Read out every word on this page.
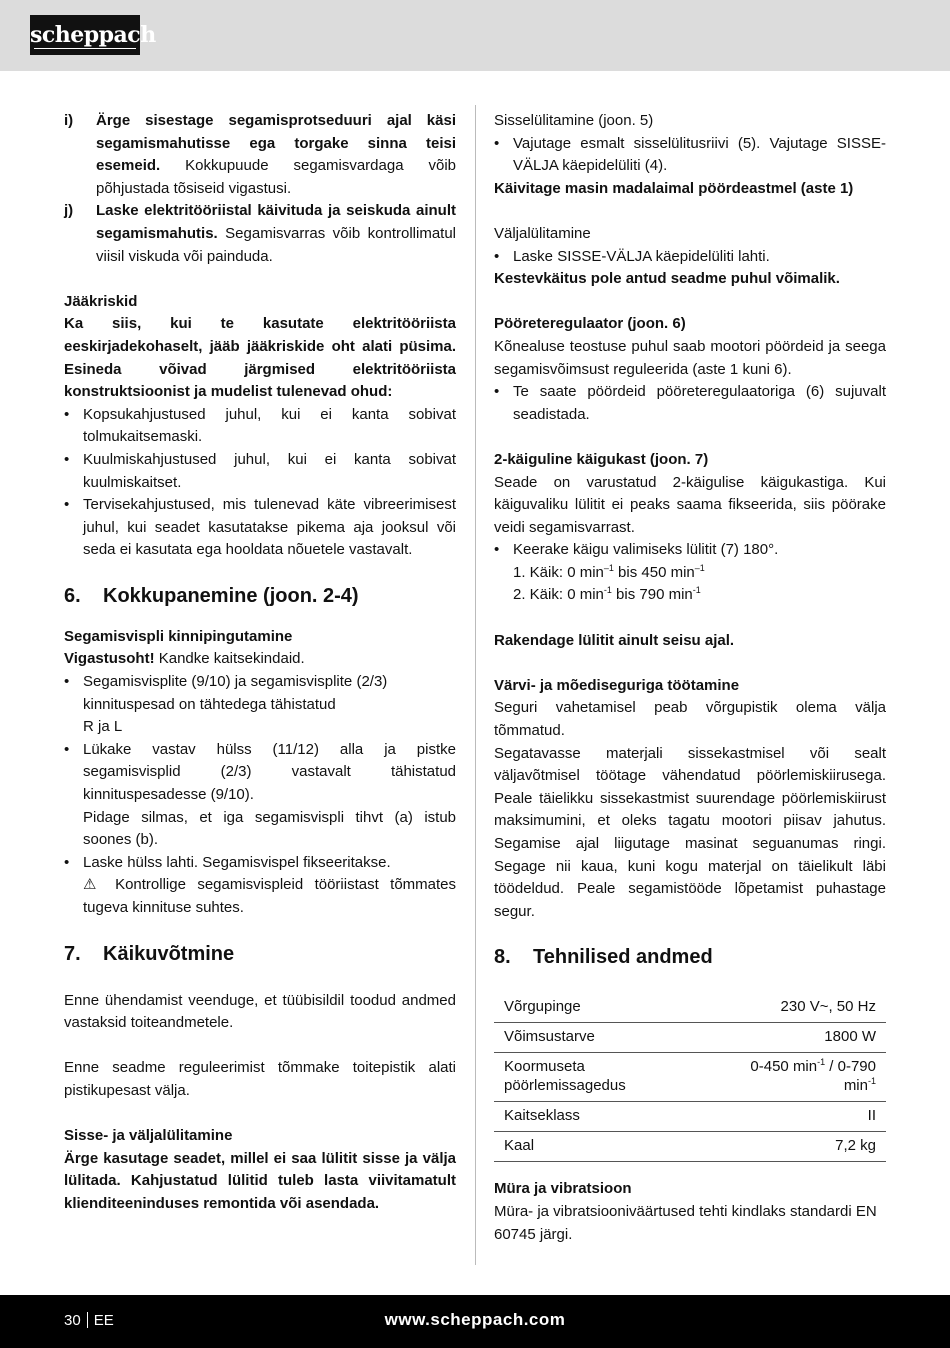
scheppach
i)	Ärge sisestage segamisprotseduuri ajal käsi segamismahutisse ega torgake sinna teisi esemeid. Kokkupuude segamisvardaga võib põhjustada tõsiseid vigastusi.

j)	Laske elektritööriistal käivituda ja seiskuda ainult segamismahutis. Segamisvarras võib kontrollimatul viisil viskuda või painduda.

Jääkriskid

Ka siis, kui te kasutate elektritööriista eeskirjadekohaselt, jääb jääkriskide oht alati püsima. Esineda võivad järgmised elektritööriista konstruktsioonist ja mudelist tulenevad ohud:

• Kopsukahjustused juhul, kui ei kanta sobivat tolmukaitsemaski.

• Kuulmiskahjustused juhul, kui ei kanta sobivat kuulmiskaitset.

• Tervisekahjustused, mis tulenevad käte vibreerimisest juhul, kui seadet kasutatakse pikema aja jooksul või seda ei kasutata ega hooldata nõuetele vastavalt.

6.	Kokkupanemine (joon. 2-4)

Segamisvispli kinnipingutamine

Vigastusoht! Kandke kaitsekindaid.

• Segamisvisplite (9/10) ja segamisvisplite (2/3) kinnituspesad on tähtedega tähistatud

R ja L

• Lükake vastav hülss (11/12) alla ja pistke segamisvisplid (2/3) vastavalt tähistatud kinnituspesadesse (9/10).

Pidage silmas, et iga segamisvispli tihvt (a) istub soones (b).

• Laske hülss lahti. Segamisvispel fikseeritakse.

⚠ Kontrollige segamisvispleid tööriistast tõmmates tugeva kinnituse suhtes.

7.	Käikuvõtmine

Enne ühendamist veenduge, et tüübisildil toodud andmed vastaksid toiteandmetele.

Enne seadme reguleerimist tõmmake toitepistik alati pistikupesast välja.

Sisse- ja väljalülitamine

Ärge kasutage seadet, millel ei saa lülitit sisse ja välja lülitada. Kahjustatud lülitid tuleb lasta viivitamatult klienditeeninduses remontida või asendada.

Sisselülitamine (joon. 5)

• Vajutage esmalt sisselülitusriivi (5). Vajutage SISSE-VÄLJA käepidelüliti (4).

Käivitage masin madalaimal pöördeastmel (aste 1)

Väljalülitamine

• Laske SISSE-VÄLJA käepidelüliti lahti.

Kestevkäitus pole antud seadme puhul võimalik.

Pööreteregulaator (joon. 6)

Kõnealuse teostuse puhul saab mootori pöördeid ja seega segamisvõimsust reguleerida (aste 1 kuni 6).

• Te saate pöördeid pööreteregulaatoriga (6) sujuvalt seadistada.

2-käiguline käigukast (joon. 7)

Seade on varustatud 2-käigulise käigukastiga. Kui käiguvaliku lülitit ei peaks saama fikseerida, siis pöörake veidi segamisvarrast.

• Keerake käigu valimiseks lülitit (7) 180°.

1. Käik: 0 $\min^{-1}$ bis 450 $\min^{-1}$

2. Käik: 0 $\min^{-1}$ bis 790 $\min^{-1}$

Rakendage lülitit ainult seisu ajal.

Värvi- ja mõediseguriga töötamine

Seguri vahetamisel peab võrgupistik olema välja tõmmatud.

Segatavasse materjali sissekastmisel või sealt väljavõtmisel töötage vähendatud pöörlemiskiirusega. Peale täielikku sissekastmist suurendage pöörlemiskiirust maksimumini, et oleks tagatu mootori piisav jahutus. Segamise ajal liigutage masinat seguanumas ringi. Segage nii kaua, kuni kogu materjal on täielikult läbi töödeldud. Peale segamistööde lõpetamist puhastage segur.

8.	Tehnilised andmed
Võrgupinge	230 V~, 50 Hz
Võimsustarve	1800 W
Koormuseta pöörlemissagedus	0-450 $\min^{-1} / 0-790$ $\min^{-1}$
Kaitseklass	II
Kaal	7,2 kg

Müra ja vibratsioon

Müra- ja vibratsiooniväärtused tehti kindlaks standardi EN 60745 järgi.

30 EE	www.scheppach.com
